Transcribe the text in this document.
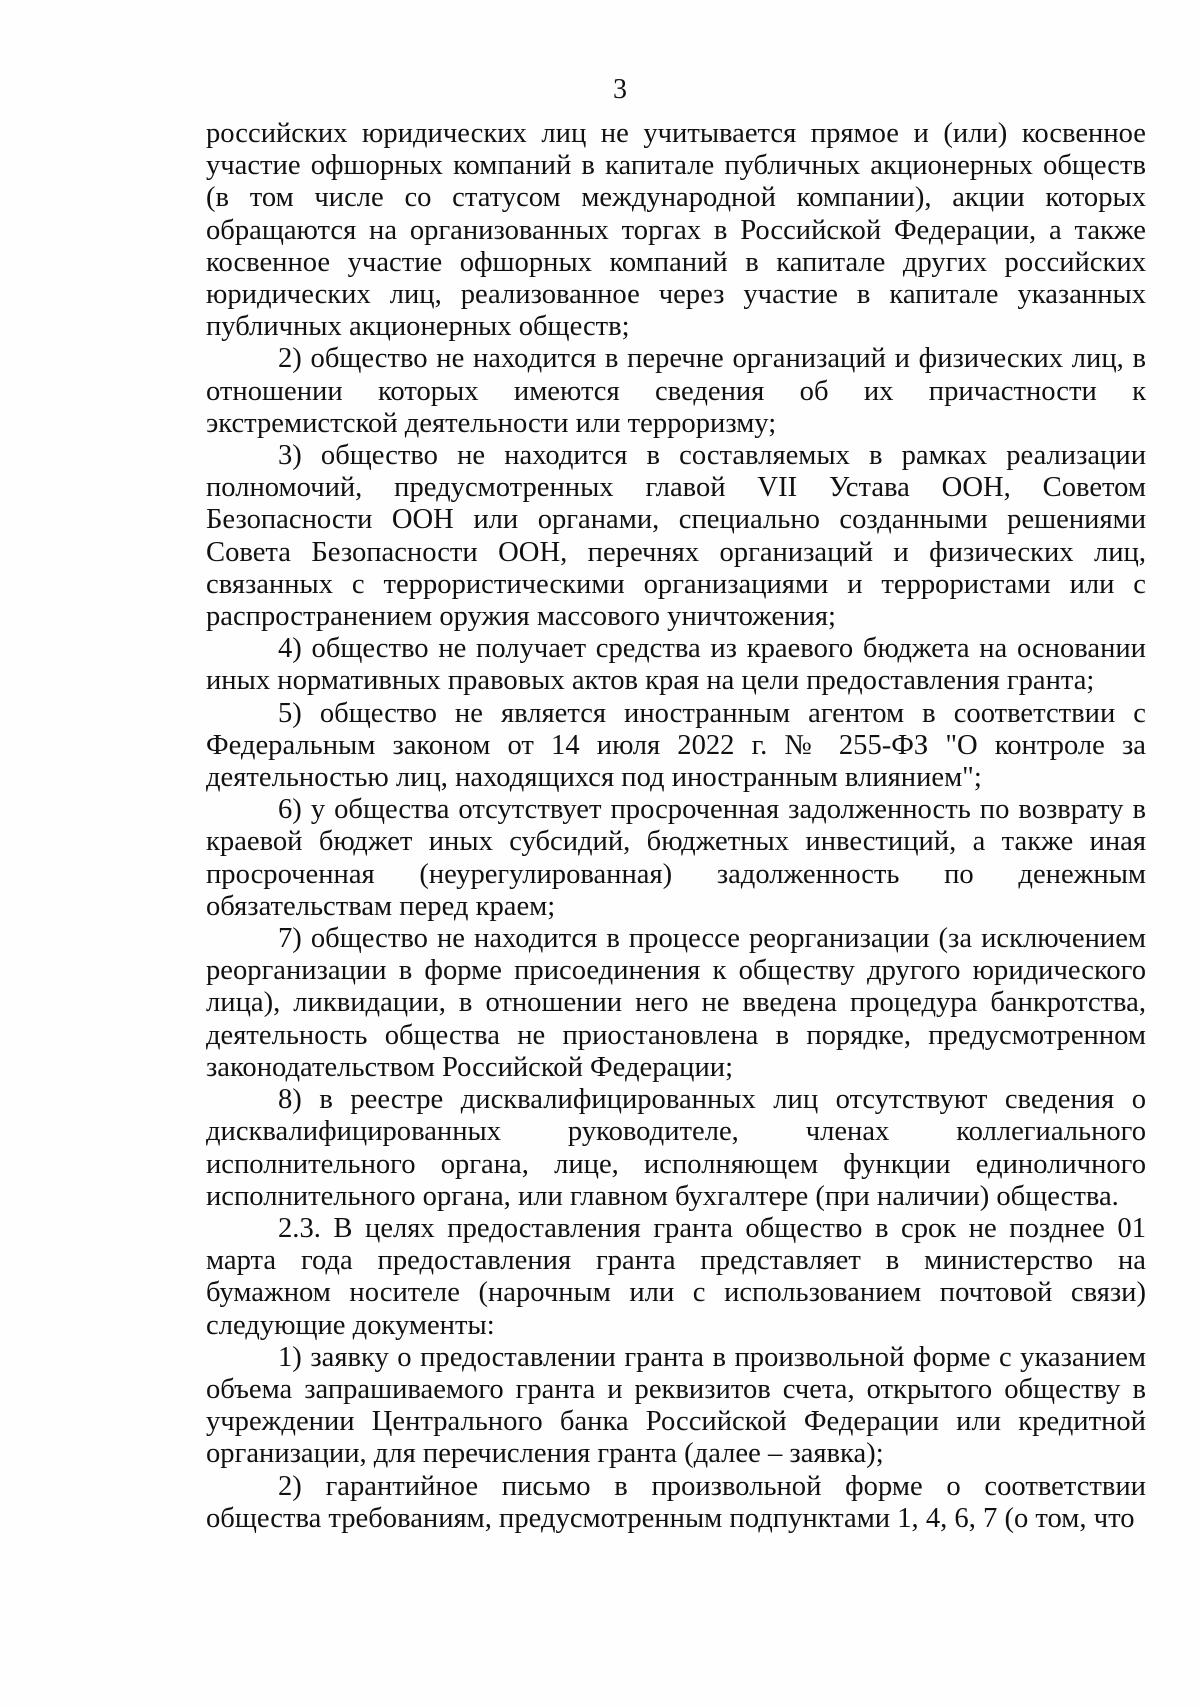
3

российских юридических лиц не учитывается прямое и (или) косвенное участие офшорных компаний в капитале публичных акционерных обществ (в том числе со статусом международной компании), акции которых обращаются на организованных торгах в Российской Федерации, а также косвенное участие офшорных компаний в капитале других российских юридических лиц, реализованное через участие в капитале указанных публичных акционерных обществ;

2) общество не находится в перечне организаций и физических лиц, в отношении которых имеются сведения об их причастности к экстремистской деятельности или терроризму;

3) общество не находится в составляемых в рамках реализации полномочий, предусмотренных главой VII Устава ООН, Советом Безопасности ООН или органами, специально созданными решениями Совета Безопасности ООН, перечнях организаций и физических лиц, связанных с террористическими организациями и террористами или с распространением оружия массового уничтожения;

4) общество не получает средства из краевого бюджета на основании иных нормативных правовых актов края на цели предоставления гранта;

5) общество не является иностранным агентом в соответствии с Федеральным законом от 14 июля 2022 г. № 255-ФЗ "О контроле за деятельностью лиц, находящихся под иностранным влиянием";

6) у общества отсутствует просроченная задолженность по возврату в краевой бюджет иных субсидий, бюджетных инвестиций, а также иная просроченная (неурегулированная) задолженность по денежным обязательствам перед краем;

7) общество не находится в процессе реорганизации (за исключением реорганизации в форме присоединения к обществу другого юридического лица), ликвидации, в отношении него не введена процедура банкротства, деятельность общества не приостановлена в порядке, предусмотренном законодательством Российской Федерации;

8) в реестре дисквалифицированных лиц отсутствуют сведения о дисквалифицированных руководителе, членах коллегиального исполнительного органа, лице, исполняющем функции единоличного исполнительного органа, или главном бухгалтере (при наличии) общества.

2.3. В целях предоставления гранта общество в срок не позднее 01 марта года предоставления гранта представляет в министерство на бумажном носителе (нарочным или с использованием почтовой связи) следующие документы:

1) заявку о предоставлении гранта в произвольной форме с указанием объема запрашиваемого гранта и реквизитов счета, открытого обществу в учреждении Центрального банка Российской Федерации или кредитной организации, для перечисления гранта (далее – заявка);

2) гарантийное письмо в произвольной форме о соответствии общества требованиям, предусмотренным подпунктами 1, 4, 6, 7 (о том, что
